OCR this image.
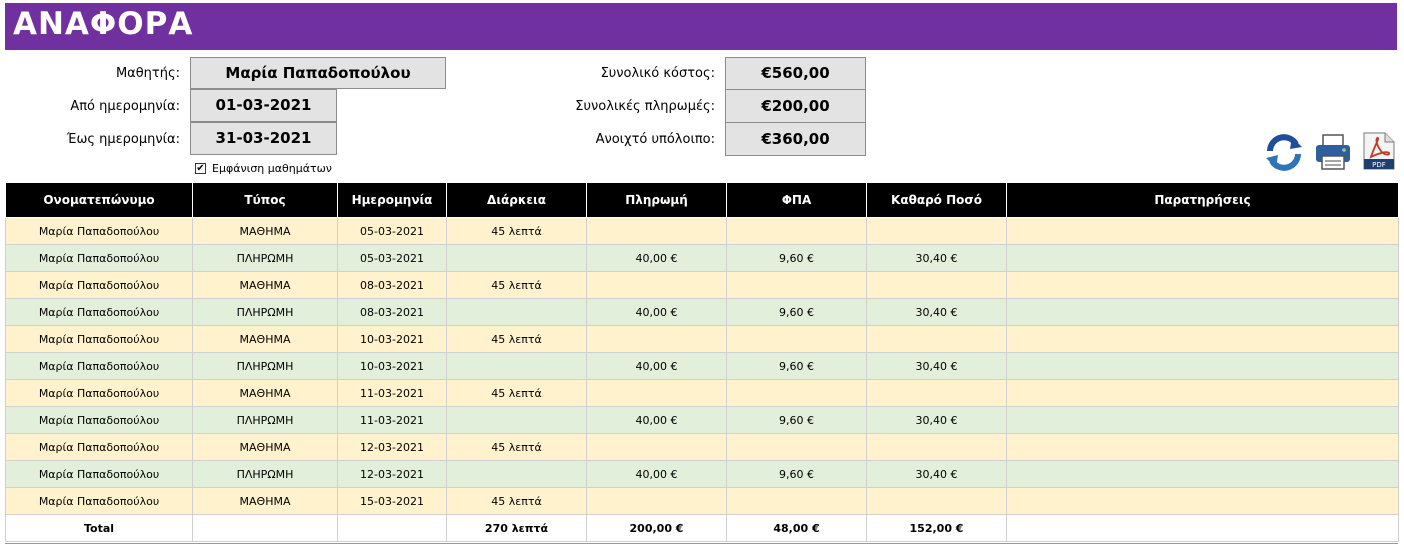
ΑΝΑΦΟΡΑ
Μαθητής:	Μαρία Παπαδοπούλου
Από ημερομηνία:	01-03-2021
Έως ημερομηνία:	31-03-2021
✔ Εμφάνιση μαθημάτων
Συνολικό κόστος:	€560,00
Συνολικές πληρωμές:	€200,00
Ανοιχτό υπόλοιπο:	€360,00
PDF
Ονοματεπώνυμο	Τύπος	Ημερομηνία	Διάρκεια	Πληρωμή	ΦΠΑ	Καθαρό Ποσό	Παρατηρήσεις
Μαρία Παπαδοπούλου	ΜΑΘΗΜΑ	05-03-2021	45 λεπτά				
Μαρία Παπαδοπούλου	ΠΛΗΡΩΜΗ	05-03-2021		40,00 €	9,60 €	30,40 €	
Μαρία Παπαδοπούλου	ΜΑΘΗΜΑ	08-03-2021	45 λεπτά				
Μαρία Παπαδοπούλου	ΠΛΗΡΩΜΗ	08-03-2021		40,00 €	9,60 €	30,40 €	
Μαρία Παπαδοπούλου	ΜΑΘΗΜΑ	10-03-2021	45 λεπτά				
Μαρία Παπαδοπούλου	ΠΛΗΡΩΜΗ	10-03-2021		40,00 €	9,60 €	30,40 €	
Μαρία Παπαδοπούλου	ΜΑΘΗΜΑ	11-03-2021	45 λεπτά				
Μαρία Παπαδοπούλου	ΠΛΗΡΩΜΗ	11-03-2021		40,00 €	9,60 €	30,40 €	
Μαρία Παπαδοπούλου	ΜΑΘΗΜΑ	12-03-2021	45 λεπτά				
Μαρία Παπαδοπούλου	ΠΛΗΡΩΜΗ	12-03-2021		40,00 €	9,60 €	30,40 €	
Μαρία Παπαδοπούλου	ΜΑΘΗΜΑ	15-03-2021	45 λεπτά				
Total			270 λεπτά	200,00 €	48,00 €	152,00 €	
